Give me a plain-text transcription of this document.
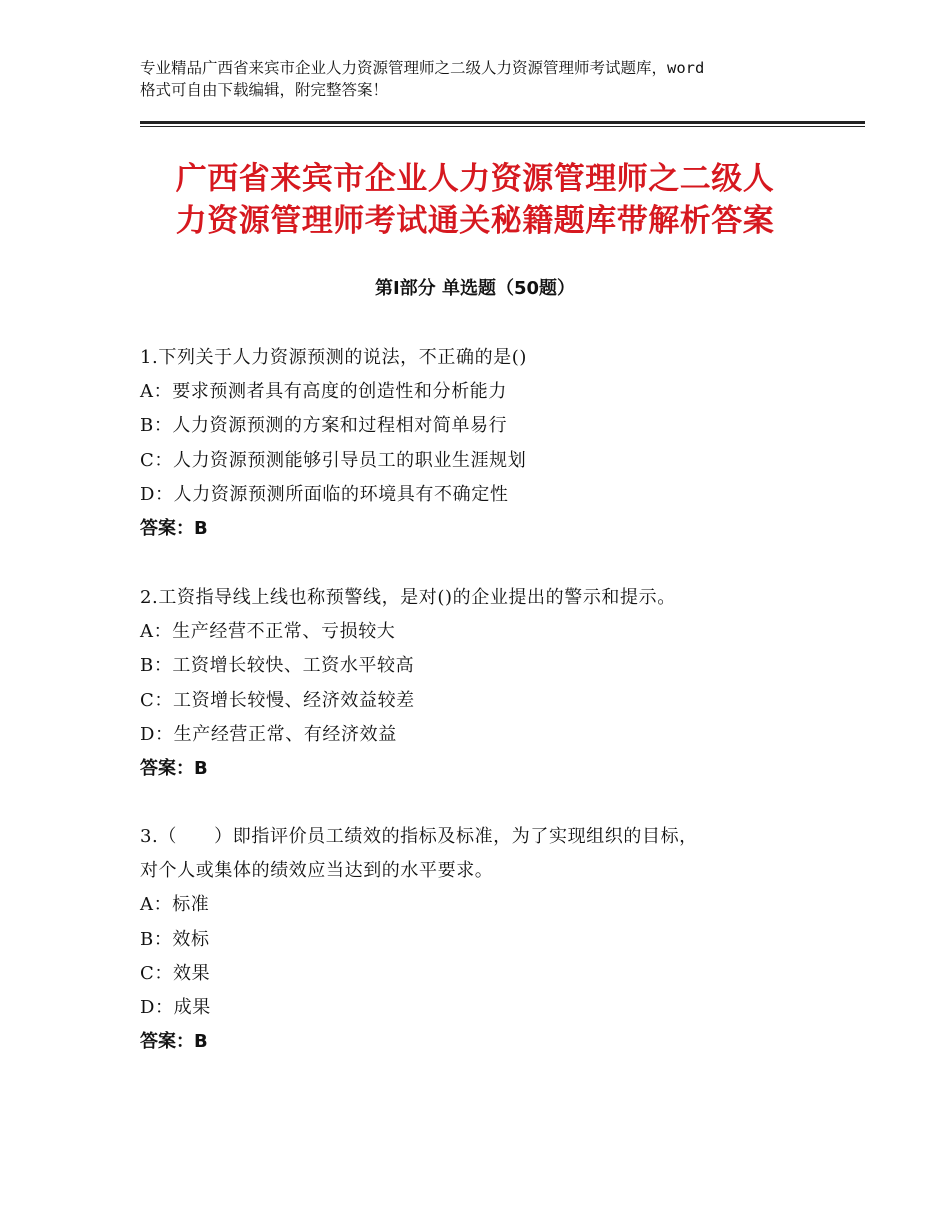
专业精品广西省来宾市企业人力资源管理师之二级人力资源管理师考试题库，word
格式可自由下载编辑，附完整答案！
广西省来宾市企业人力资源管理师之二级人
力资源管理师考试通关秘籍题库带解析答案
第Ⅰ部分 单选题（50题）
1.下列关于人力资源预测的说法，不正确的是()
A：要求预测者具有高度的创造性和分析能力
B：人力资源预测的方案和过程相对简单易行
C：人力资源预测能够引导员工的职业生涯规划
D：人力资源预测所面临的环境具有不确定性
答案：B
2.工资指导线上线也称预警线，是对()的企业提出的警示和提示。
A：生产经营不正常、亏损较大
B：工资增长较快、工资水平较高
C：工资增长较慢、经济效益较差
D：生产经营正常、有经济效益
答案：B
3.（　　）即指评价员工绩效的指标及标准，为了实现组织的目标，
对个人或集体的绩效应当达到的水平要求。
A：标准
B：效标
C：效果
D：成果
答案：B
